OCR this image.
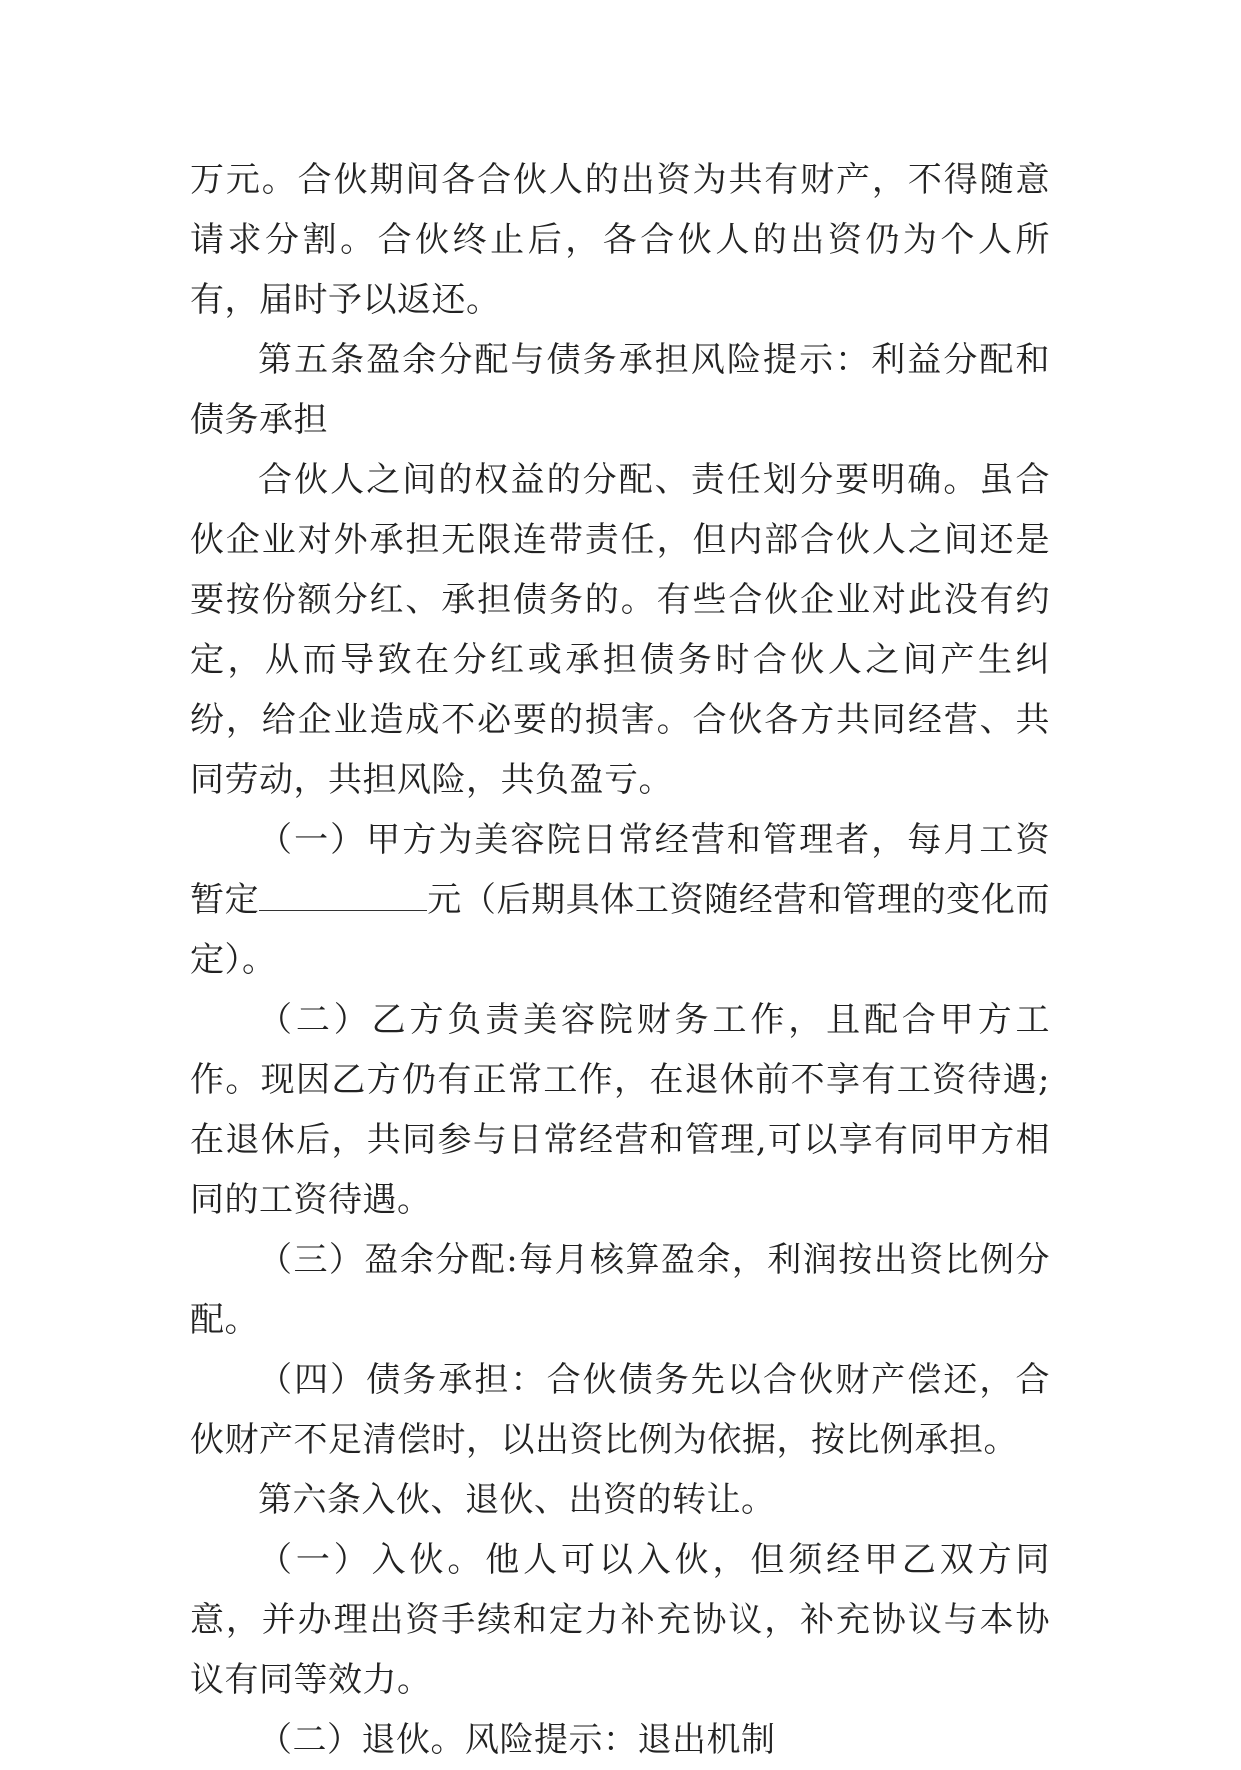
万元。合伙期间各合伙人的出资为共有财产，不得随意请求分割。合伙终止后，各合伙人的出资仍为个人所有，届时予以返还。

第五条盈余分配与债务承担风险提示：利益分配和债务承担

合伙人之间的权益的分配、责任划分要明确。虽合伙企业对外承担无限连带责任，但内部合伙人之间还是要按份额分红、承担债务的。有些合伙企业对此没有约定，从而导致在分红或承担债务时合伙人之间产生纠纷，给企业造成不必要的损害。合伙各方共同经营、共同劳动，共担风险，共负盈亏。

（一）甲方为美容院日常经营和管理者，每月工资暂定	元（后期具体工资随经营和管理的变化而定）。

（二）乙方负责美容院财务工作，且配合甲方工作。现因乙方仍有正常工作，在退休前不享有工资待遇;在退休后，共同参与日常经营和管理,可以享有同甲方相同的工资待遇。

（三）盈余分配:每月核算盈余，利润按出资比例分配。

（四）债务承担：合伙债务先以合伙财产偿还，合伙财产不足清偿时，以出资比例为依据，按比例承担。

第六条入伙、退伙、出资的转让。

（一）入伙。他人可以入伙，但须经甲乙双方同意，并办理出资手续和定力补充协议，补充协议与本协议有同等效力。

（二）退伙。风险提示：退出机制
